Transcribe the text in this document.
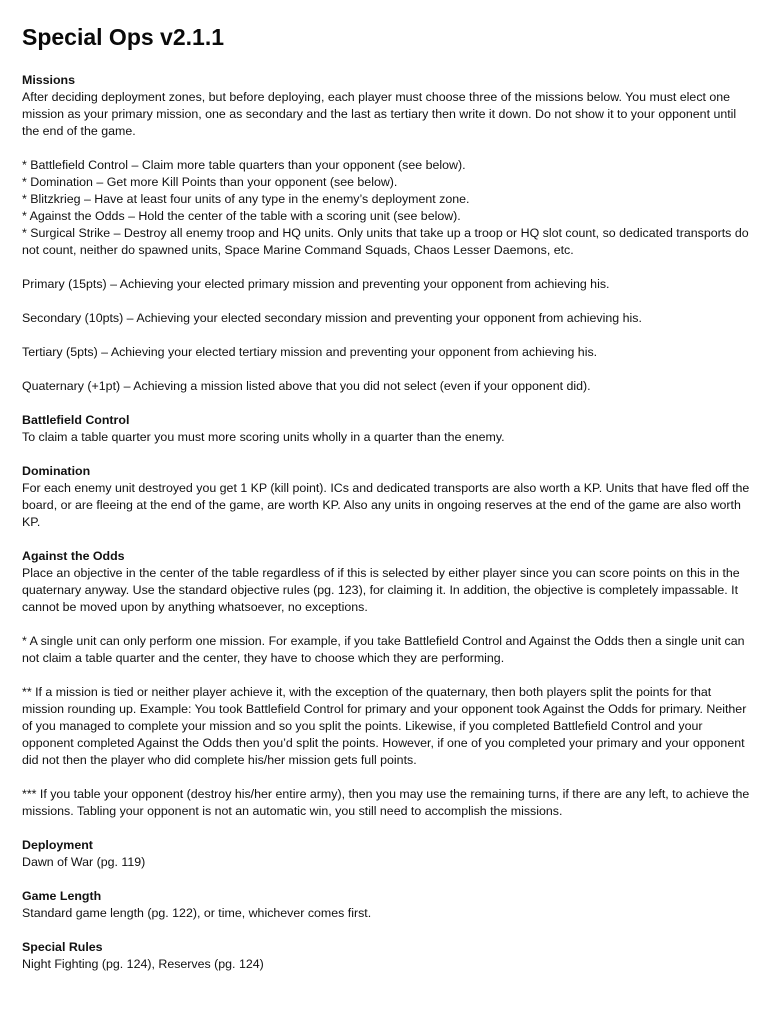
Special Ops v2.1.1

Missions

After deciding deployment zones, but before deploying, each player must choose three of the missions below. You must elect one mission as your primary mission, one as secondary and the last as tertiary then write it down. Do not show it to your opponent until the end of the game.

* Battlefield Control – Claim more table quarters than your opponent (see below).

* Domination – Get more Kill Points than your opponent (see below).

* Blitzkrieg – Have at least four units of any type in the enemy’s deployment zone.

* Against the Odds – Hold the center of the table with a scoring unit (see below).

* Surgical Strike – Destroy all enemy troop and HQ units. Only units that take up a troop or HQ slot count, so dedicated transports do not count, neither do spawned units, Space Marine Command Squads, Chaos Lesser Daemons, etc.

Primary (15pts) – Achieving your elected primary mission and preventing your opponent from achieving his.

Secondary (10pts) – Achieving your elected secondary mission and preventing your opponent from achieving his.

Tertiary (5pts) – Achieving your elected tertiary mission and preventing your opponent from achieving his.

Quaternary (+1pt) – Achieving a mission listed above that you did not select (even if your opponent did).

Battlefield Control

To claim a table quarter you must more scoring units wholly in a quarter than the enemy.

Domination

For each enemy unit destroyed you get 1 KP (kill point). ICs and dedicated transports are also worth a KP. Units that have fled off the board, or are fleeing at the end of the game, are worth KP. Also any units in ongoing reserves at the end of the game are also worth KP.

Against the Odds

Place an objective in the center of the table regardless of if this is selected by either player since you can score points on this in the quaternary anyway. Use the standard objective rules (pg. 123), for claiming it. In addition, the objective is completely impassable. It cannot be moved upon by anything whatsoever, no exceptions.

* A single unit can only perform one mission. For example, if you take Battlefield Control and Against the Odds then a single unit can not claim a table quarter and the center, they have to choose which they are performing.

** If a mission is tied or neither player achieve it, with the exception of the quaternary, then both players split the points for that mission rounding up. Example: You took Battlefield Control for primary and your opponent took Against the Odds for primary. Neither of you managed to complete your mission and so you split the points. Likewise, if you completed Battlefield Control and your opponent completed Against the Odds then you’d split the points. However, if one of you completed your primary and your opponent did not then the player who did complete his/her mission gets full points.

*** If you table your opponent (destroy his/her entire army), then you may use the remaining turns, if there are any left, to achieve the missions. Tabling your opponent is not an automatic win, you still need to accomplish the missions.

Deployment

Dawn of War (pg. 119)

Game Length

Standard game length (pg. 122), or time, whichever comes first.

Special Rules

Night Fighting (pg. 124), Reserves (pg. 124)
